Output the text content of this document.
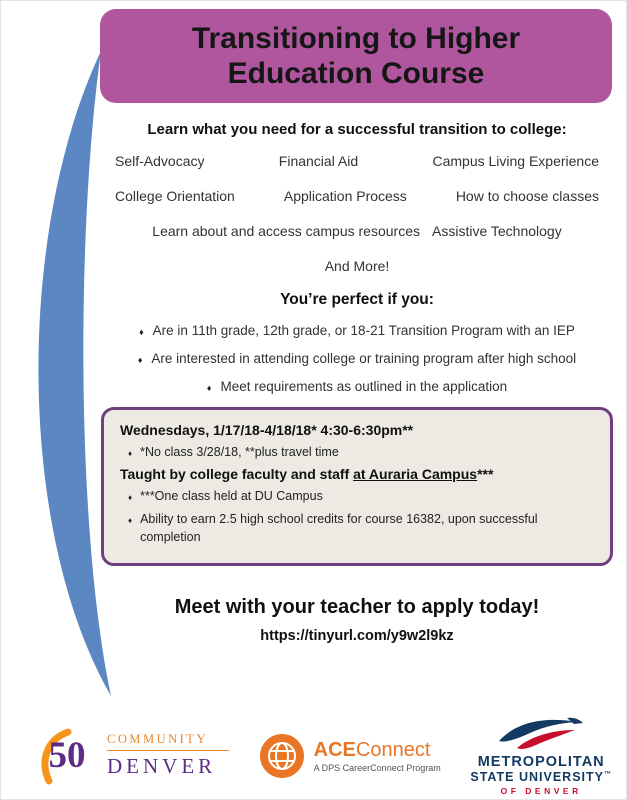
Transitioning to Higher Education Course
Learn what you need for a successful transition to college:
Self-Advocacy	Financial Aid	Campus Living Experience
College Orientation	Application Process	How to choose classes
Learn about and access campus resources Assistive Technology
And More!
You’re perfect if you:
♦ Are in 11th grade, 12th grade, or 18-21 Transition Program with an IEP
♦ Are interested in attending college or training program after high school
♦ Meet requirements as outlined in the application

Wednesdays, 1/17/18-4/18/18* 4:30-6:30pm**

♦ *No class 3/28/18, **plus travel time

Taught by college faculty and staff at Auraria Campus***

♦ ***One class held at DU Campus
♦ Ability to earn 2.5 high school credits for course 16382, upon successful completion
Meet with your teacher to apply today!
https://tinyurl.com/y9w2l9kz
50	COMMUNITY
DENVER
ACEConnect
A DPS CareerConnect Program	METROPOLITAN
STATE UNIVERSITY™
OF DENVER
